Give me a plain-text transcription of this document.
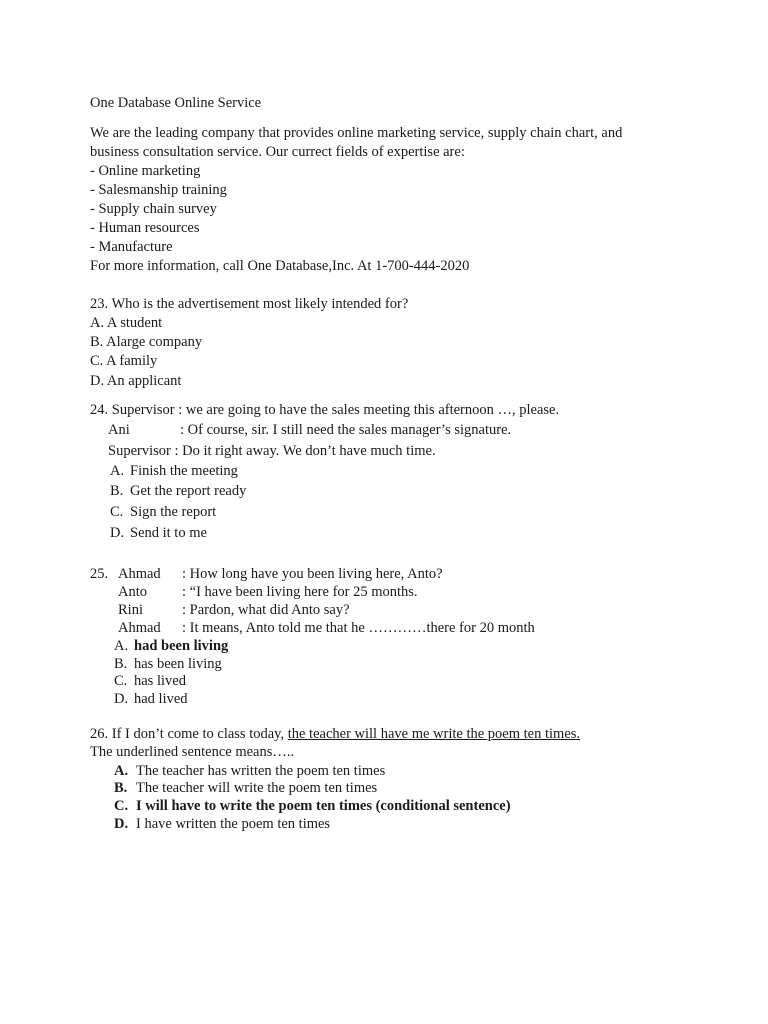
One Database Online Service
We are the leading company that provides online marketing service, supply chain chart, and
business consultation service. Our currect fields of expertise are:
- Online marketing
- Salesmanship training
- Supply chain survey
- Human resources
- Manufacture
For more information, call One Database,Inc. At 1-700-444-2020
23. Who is the advertisement most likely intended for?
A. A student
B. Alarge company
C. A family
D. An applicant
24. Supervisor : we are going to have the sales meeting this afternoon …, please.
Ani	: Of course, sir. I still need the sales manager’s signature.
Supervisor : Do it right away. We don’t have much time.
A. Finish the meeting
B. Get the report ready
C. Sign the report
D. Send it to me
25. Ahmad : How long have you been living here, Anto?
Anto : “I have been living here for 25 months.
Rini	: Pardon, what did Anto say?
Ahmad : It means, Anto told me that he …………there for 20 month
A. had been living
B. has been living
C. has lived
D. had lived
26. If I don’t come to class today, the teacher will have me write the poem ten times.
The underlined sentence means…..
A. The teacher has written the poem ten times
B. The teacher will write the poem ten times
C. I will have to write the poem ten times (conditional sentence)
D. I have written the poem ten times
